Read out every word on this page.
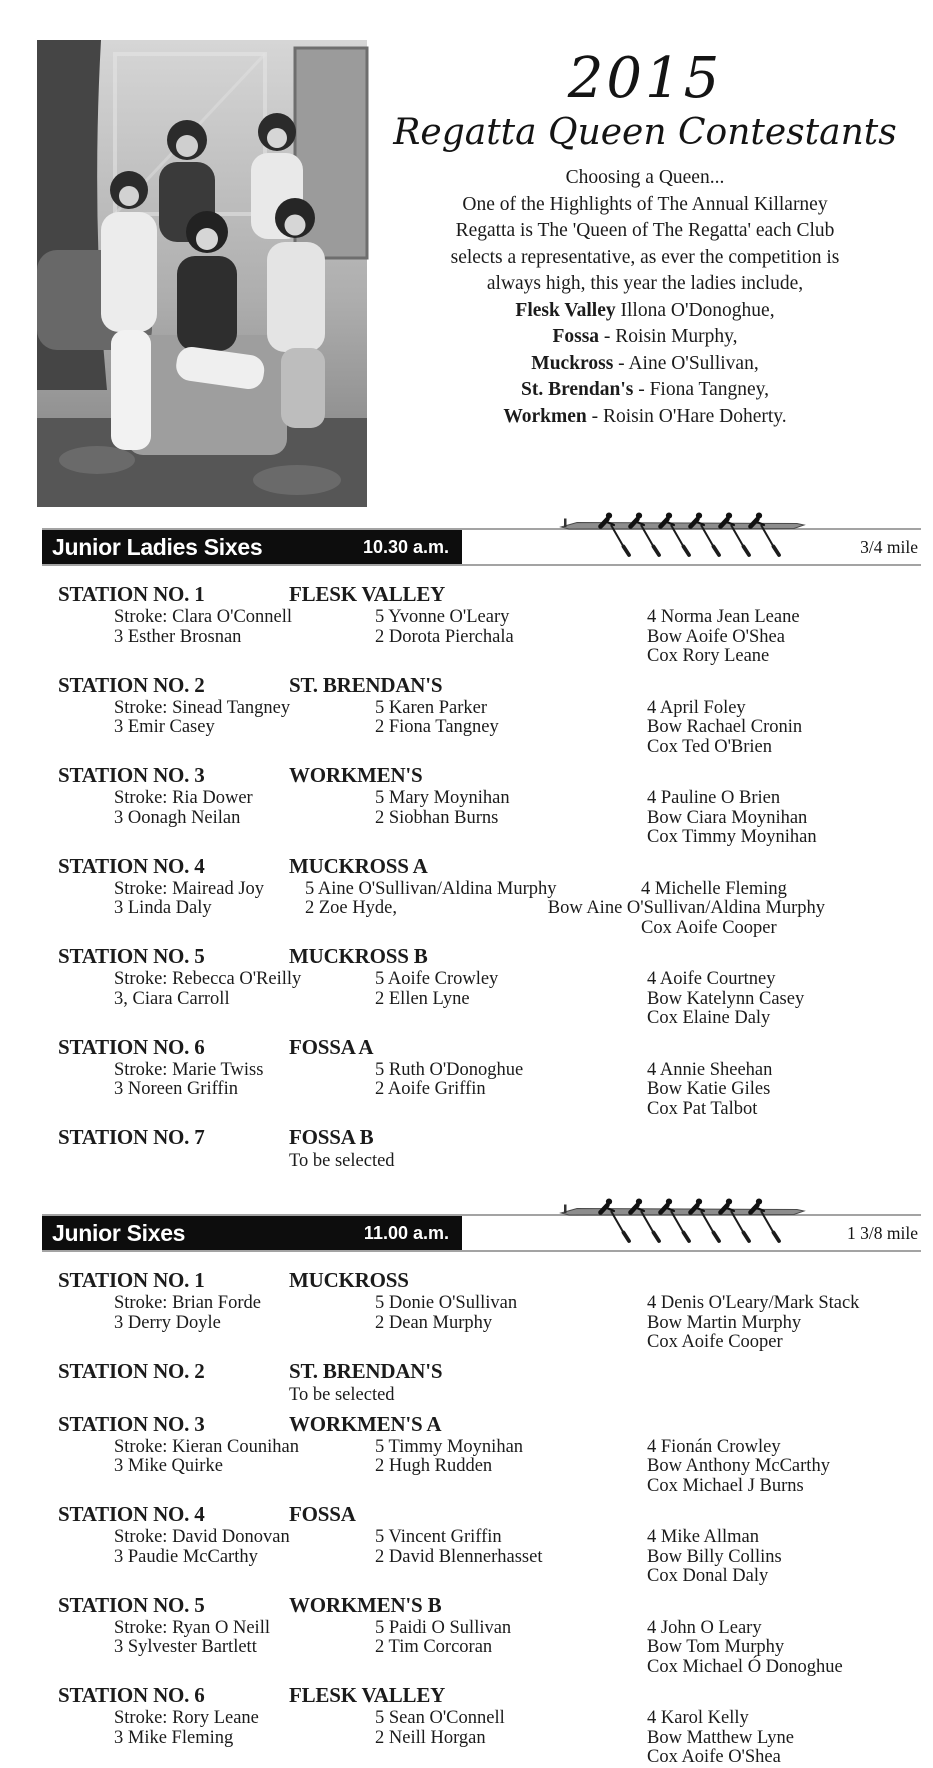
2015
Regatta Queen Contestants
Choosing a Queen...
One of the Highlights of The Annual Killarney
Regatta is The 'Queen of The Regatta' each Club
selects a representative, as ever the competition is
always high, this year the ladies include,
Flesk Valley Illona O'Donoghue,
Fossa - Roisin Murphy,
Muckross - Aine O'Sullivan,
St. Brendan's - Fiona Tangney,
Workmen - Roisin O'Hare Doherty.
Junior Ladies Sixes	10.30 a.m.	3/4 mile
STATION NO. 1	FLESK VALLEY
Stroke: Clara O'Connell	5 Yvonne O'Leary	4 Norma Jean Leane
3 Esther Brosnan	2 Dorota Pierchala	Bow Aoife O'Shea
Cox Rory Leane
STATION NO. 2	ST. BRENDAN'S
Stroke: Sinead Tangney	5 Karen Parker	4 April Foley
3 Emir Casey	2 Fiona Tangney	Bow Rachael Cronin
Cox Ted O'Brien
STATION NO. 3	WORKMEN'S
Stroke: Ria Dower	5 Mary Moynihan	4 Pauline O Brien
3 Oonagh Neilan	2 Siobhan Burns	Bow Ciara Moynihan
Cox Timmy Moynihan
STATION NO. 4	MUCKROSS A
Stroke: Mairead Joy	5 Aine O'Sullivan/Aldina Murphy	4 Michelle Fleming
3 Linda Daly	2 Zoe Hyde,	Bow Aine O'Sullivan/Aldina Murphy
Cox Aoife Cooper
STATION NO. 5	MUCKROSS B
Stroke: Rebecca O'Reilly	5 Aoife Crowley	4 Aoife Courtney
3, Ciara Carroll	2 Ellen Lyne	Bow Katelynn Casey
Cox Elaine Daly
STATION NO. 6	FOSSA A
Stroke: Marie Twiss	5 Ruth O'Donoghue	4 Annie Sheehan
3 Noreen Griffin	2 Aoife Griffin	Bow Katie Giles
Cox Pat Talbot
STATION NO. 7	FOSSA B
To be selected
Junior Sixes	11.00 a.m.	1 3/8 mile
STATION NO. 1	MUCKROSS
Stroke: Brian Forde	5 Donie O'Sullivan	4 Denis O'Leary/Mark Stack
3 Derry Doyle	2 Dean Murphy	Bow Martin Murphy
Cox Aoife Cooper
STATION NO. 2	ST. BRENDAN'S
To be selected
STATION NO. 3	WORKMEN'S A
Stroke: Kieran Counihan	5 Timmy Moynihan	4 Fionán Crowley
3 Mike Quirke	2 Hugh Rudden	Bow Anthony McCarthy
Cox Michael J Burns
STATION NO. 4	FOSSA
Stroke: David Donovan	5 Vincent Griffin	4 Mike Allman
3 Paudie McCarthy	2 David Blennerhasset	Bow Billy Collins
Cox Donal Daly
STATION NO. 5	WORKMEN'S B
Stroke: Ryan O Neill	5 Paidi O Sullivan	4 John O Leary
3 Sylvester Bartlett	2 Tim Corcoran	Bow Tom Murphy
Cox Michael Ó Donoghue
STATION NO. 6	FLESK VALLEY
Stroke: Rory Leane	5 Sean O'Connell	4 Karol Kelly
3 Mike Fleming	2 Neill Horgan	Bow Matthew Lyne
Cox Aoife O'Shea
